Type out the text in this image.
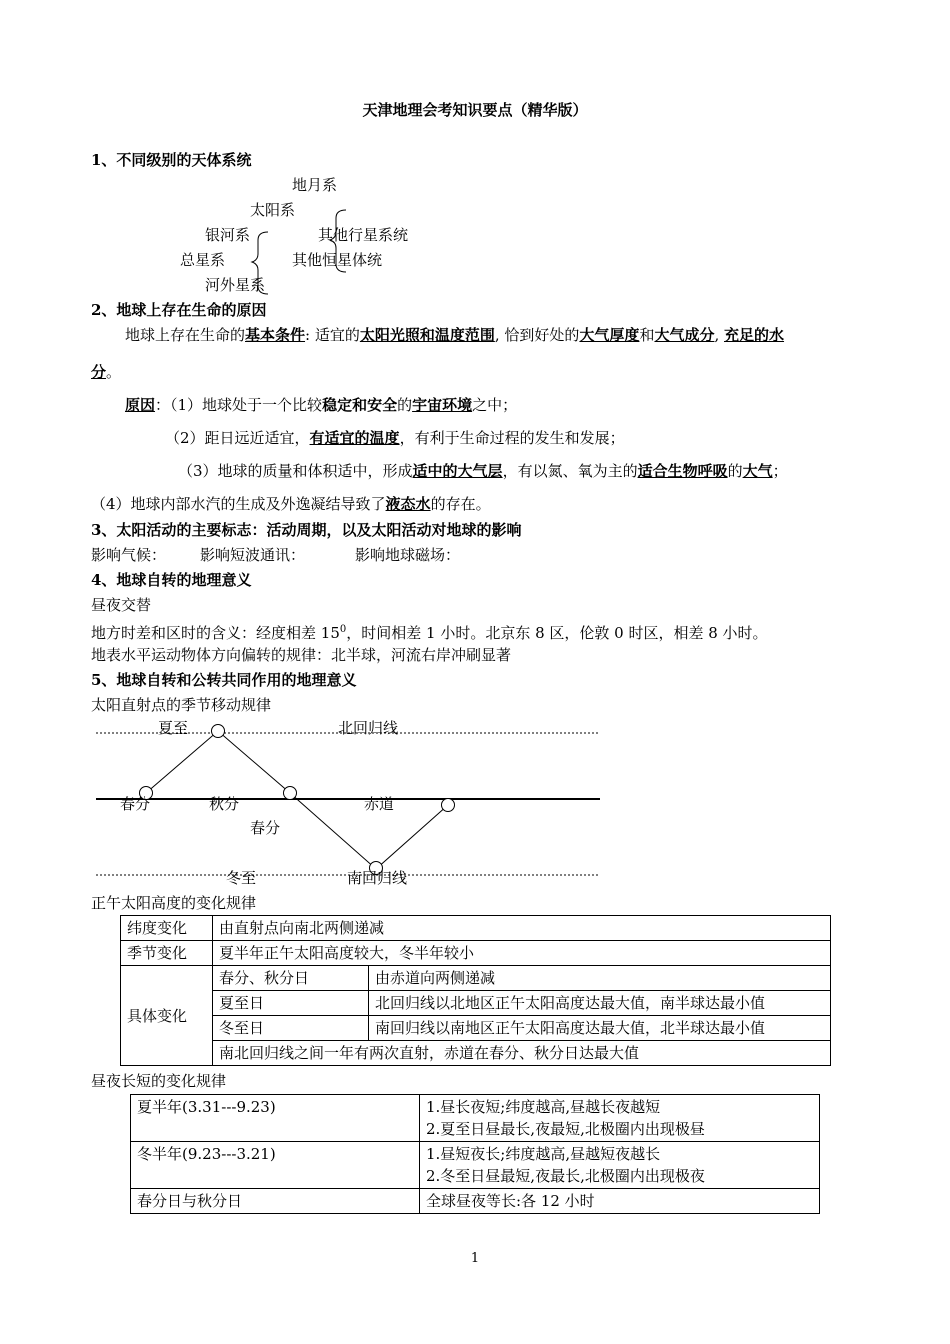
天津地理会考知识要点（精华版）
1、不同级别的天体系统
地月系
太阳系
银河系	其他行星系统
总星系	其他恒星体统
河外星系
2、地球上存在生命的原因
地球上存在生命的基本条件: 适宜的太阳光照和温度范围, 恰到好处的大气厚度和大气成分, 充足的水
分。
原因：（1）地球处于一个比较稳定和安全的宇宙环境之中；
（2）距日远近适宜，有适宜的温度，有利于生命过程的发生和发展；
（3）地球的质量和体积适中，形成适中的大气层，有以氮、氧为主的适合生物呼吸的大气；
（4）地球内部水汽的生成及外逸凝结导致了液态水的存在。
3、太阳活动的主要标志：活动周期，以及太阳活动对地球的影响
影响气候： 影响短波通讯：	影响地球磁场：
4、地球自转的地理意义
昼夜交替
地方时差和区时的含义：经度相差 $15^0$，时间相差 1 小时。北京东 8 区，伦敦 0 时区，相差 8 小时。
地表水平运动物体方向偏转的规律：北半球，河流右岸冲刷显著
5、地球自转和公转共同作用的地理意义
太阳直射点的季节移动规律
夏至	北回归线
春分	秋分	赤道
春分
冬至	南回归线
正午太阳高度的变化规律
纬度变化	由直射点向南北两侧递减	
季节变化	夏半年正午太阳高度较大，冬半年较小	
具体变化	春分、秋分日	由赤道向两侧递减
	夏至日	北回归线以北地区正午太阳高度达最大值，南半球达最小值
	冬至日	南回归线以南地区正午太阳高度达最大值，北半球达最小值
	南北回归线之间一年有两次直射，赤道在春分、秋分日达最大值	
昼夜长短的变化规律
夏半年(3.31---9.23)	1.昼长夜短;纬度越高,昼越长夜越短
2.夏至日昼最长,夜最短,北极圈内出现极昼

冬半年(9.23---3.21)	1.昼短夜长;纬度越高,昼越短夜越长
2.冬至日昼最短,夜最长,北极圈内出现极夜

春分日与秋分日	全球昼夜等长:各 12 小时
1
